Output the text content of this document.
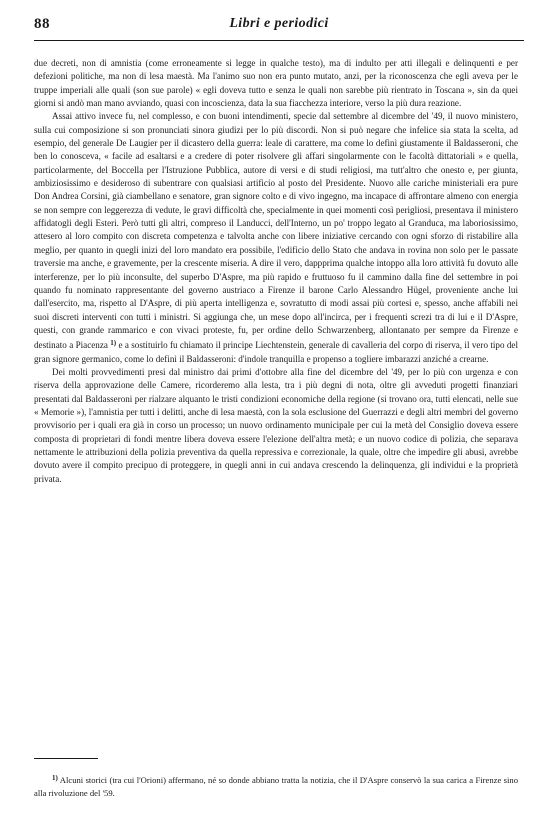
88	Libri e periodici

due decreti, non di amnistia (come erroneamente si legge in qualche testo), ma di indulto per atti illegali e delinquenti e per defezioni politiche, ma non di lesa maestà. Ma l'animo suo non era punto mutato, anzi, per la riconoscenza che egli aveva per le truppe imperiali alle quali (son sue parole) « egli doveva tutto e senza le quali non sarebbe più rientrato in Toscana », sin da quei giorni si andò man mano avviando, quasi con incoscienza, data la sua fiacchezza interiore, verso la più dura reazione.

Assai attivo invece fu, nel complesso, e con buoni intendimenti, specie dal settembre al dicembre del '49, il nuovo ministero, sulla cui composizione si son pronunciati sinora giudizi per lo più discordi. Non si può negare che infelice sia stata la scelta, ad esempio, del generale De Laugier per il dicastero della guerra: leale di carattere, ma come lo definì giustamente il Baldasseroni, che ben lo conosceva, « facile ad esaltarsi e a credere di poter risolvere gli affari singolarmente con le facoltà dittatoriali » e quella, particolarmente, del Boccella per l'Istruzione Pubblica, autore di versi e di studi religiosi, ma tutt'altro che onesto e, per giunta, ambiziosissimo e desideroso di subentrare con qualsiasi artificio al posto del Presidente. Nuovo alle cariche ministeriali era pure Don Andrea Corsini, già ciambellano e senatore, gran signore colto e di vivo ingegno, ma incapace di affrontare almeno con energia se non sempre con leggerezza di vedute, le gravi difficoltà che, specialmente in quei momenti così perigliosi, presentava il ministero affidatogli degli Esteri. Però tutti gli altri, compreso il Landucci, dell'Interno, un po' troppo legato al Granduca, ma laboriosissimo, attesero al loro compito con discreta competenza e talvolta anche con libere iniziative cercando con ogni sforzo di ristabilire alla meglio, per quanto in quegli inizi del loro mandato era possibile, l'edificio dello Stato che andava in rovina non solo per le passate traversie ma anche, e gravemente, per la crescente miseria. A dire il vero, dappprima qualche intoppo alla loro attività fu dovuto alle interferenze, per lo più inconsulte, del superbo D'Aspre, ma più rapido e fruttuoso fu il cammino dalla fine del settembre in poi quando fu nominato rappresentante del governo austriaco a Firenze il barone Carlo Alessandro Hügel, proveniente anche lui dall'esercito, ma, rispetto al D'Aspre, di più aperta intelligenza e, sovratutto di modi assai più cortesi e, spesso, anche affabili nei suoi discreti interventi con tutti i ministri. Si aggiunga che, un mese dopo all'incirca, per i frequenti screzi tra di lui e il D'Aspre, questi, con grande rammarico e con vivaci proteste, fu, per ordine dello Schwarzenberg, allontanato per sempre da Firenze e destinato a Piacenza $^{1)}$ e a sostituirlo fu chiamato il principe Liechtenstein, generale di cavalleria del corpo di riserva, il vero tipo del gran signore germanico, come lo definì il Baldasseroni: d'indole tranquilla e propenso a togliere imbarazzi anziché a crearne.

Dei molti provvedimenti presi dal ministro dai primi d'ottobre alla fine del dicembre del '49, per lo più con urgenza e con riserva della approvazione delle Camere, ricorderemo alla lesta, tra i più degni di nota, oltre gli avveduti progetti finanziari presentati dal Baldasseroni per rialzare alquanto le tristi condizioni economiche della regione (si trovano ora, tutti elencati, nelle sue « Memorie »), l'amnistia per tutti i delitti, anche di lesa maestà, con la sola esclusione del Guerrazzi e degli altri membri del governo provvisorio per i quali era già in corso un processo; un nuovo ordinamento municipale per cui la metà del Consiglio doveva essere composta di proprietari di fondi mentre libera doveva essere l'elezione dell'altra metà; e un nuovo codice di polizia, che separava nettamente le attribuzioni della polizia preventiva da quella repressiva e correzionale, la quale, oltre che impedire gli abusi, avrebbe dovuto avere il compito precipuo di proteggere, in quegli anni in cui andava crescendo la delinquenza, gli individui e la proprietà privata.

$^{1)}$ Alcuni storici (tra cui l'Orioni) affermano, né so donde abbiano tratta la notizia, che il D'Aspre conservò la sua carica a Firenze sino alla rivoluzione del '59.
